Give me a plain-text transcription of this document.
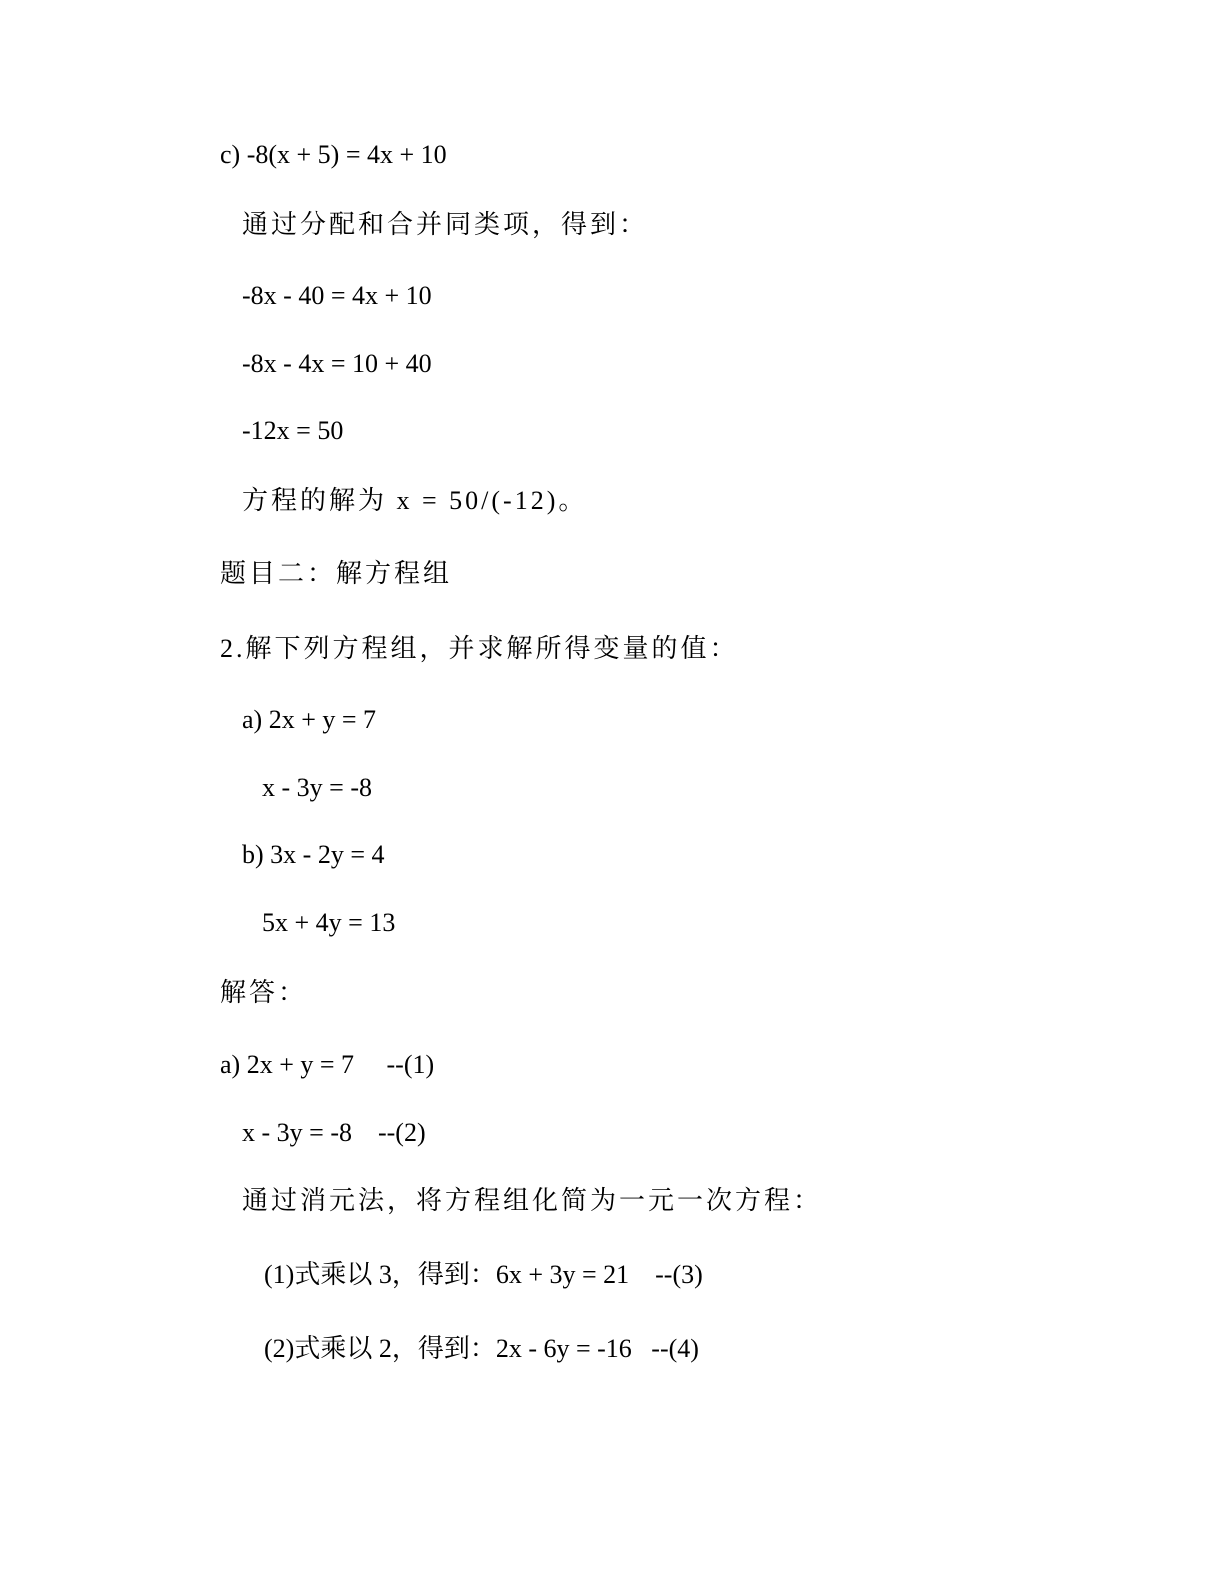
c) -8(x + 5) = 4x + 10
通过分配和合并同类项，得到：
-8x - 40 = 4x + 10
-8x - 4x = 10 + 40
-12x = 50
方程的解为 x = 50/(-12)。
题目二：解方程组
2.解下列方程组，并求解所得变量的值：
a) 2x + y = 7
x - 3y = -8
b) 3x - 2y = 4
5x + 4y = 13
解答：
a) 2x + y = 7     --(1)
x - 3y = -8    --(2)
通过消元法，将方程组化简为一元一次方程：
(1)式乘以 3，得到：6x + 3y = 21    --(3)
(2)式乘以 2，得到：2x - 6y = -16   --(4)
